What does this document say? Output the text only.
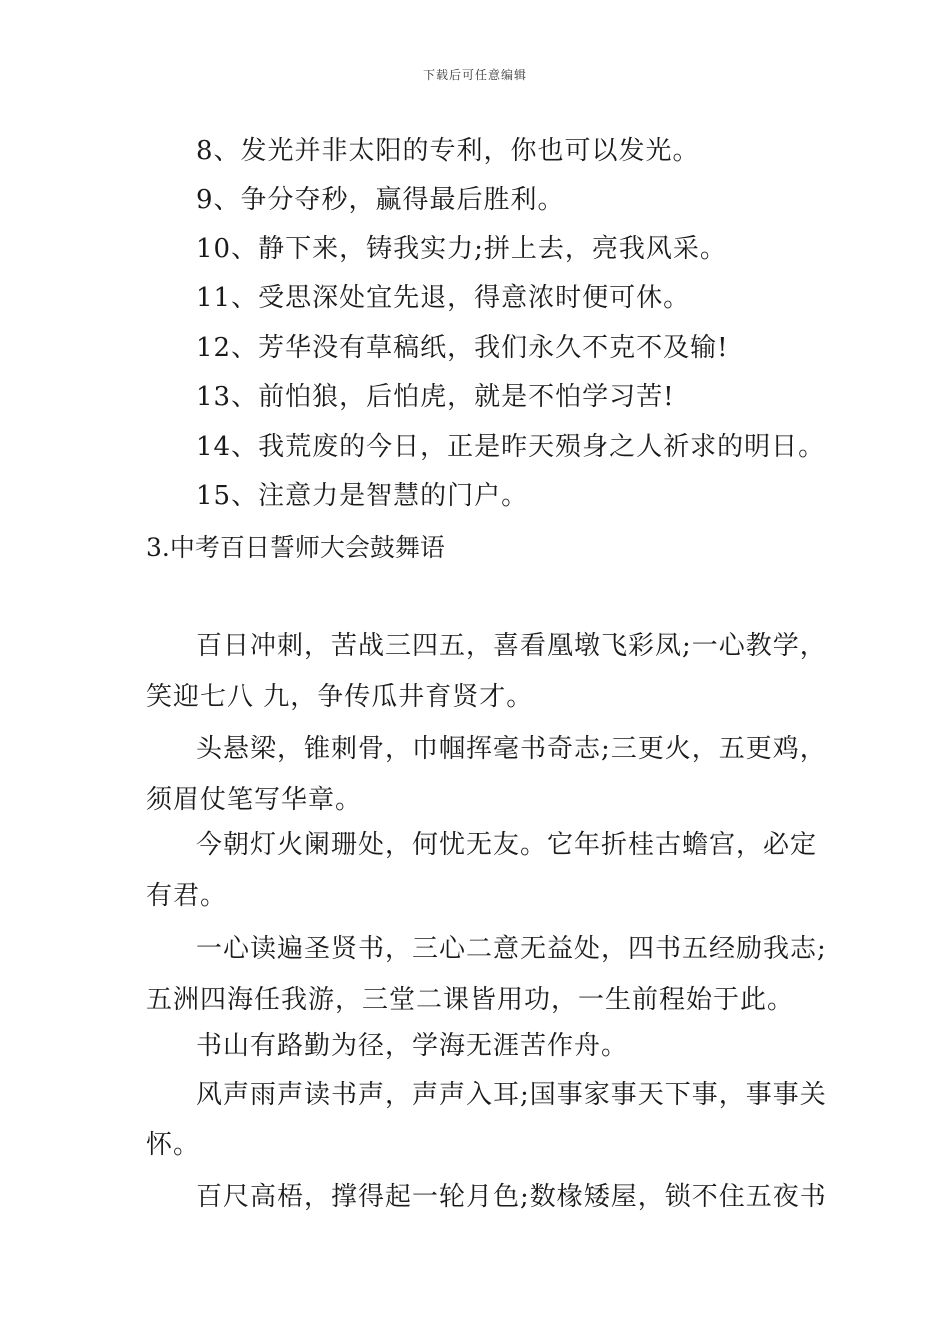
下载后可任意编辑
8、发光并非太阳的专利，你也可以发光。
9、争分夺秒，赢得最后胜利。
10、静下来，铸我实力;拼上去，亮我风采。
11、受思深处宜先退，得意浓时便可休。
12、芳华没有草稿纸，我们永久不克不及输!
13、前怕狼，后怕虎，就是不怕学习苦!
14、我荒废的今日，正是昨天殒身之人祈求的明日。
15、注意力是智慧的门户。
3.中考百日誓师大会鼓舞语
百日冲刺，苦战三四五，喜看凰墩飞彩凤;一心教学，
笑迎七八 九，争传瓜井育贤才。
头悬梁，锥刺骨，巾帼挥毫书奇志;三更火，五更鸡，
须眉仗笔写华章。
今朝灯火阑珊处，何忧无友。它年折桂古蟾宫，必定
有君。
一心读遍圣贤书，三心二意无益处，四书五经励我志;
五洲四海任我游，三堂二课皆用功，一生前程始于此。
书山有路勤为径，学海无涯苦作舟。
风声雨声读书声，声声入耳;国事家事天下事，事事关
怀。
百尺高梧，撑得起一轮月色;数椽矮屋，锁不住五夜书
